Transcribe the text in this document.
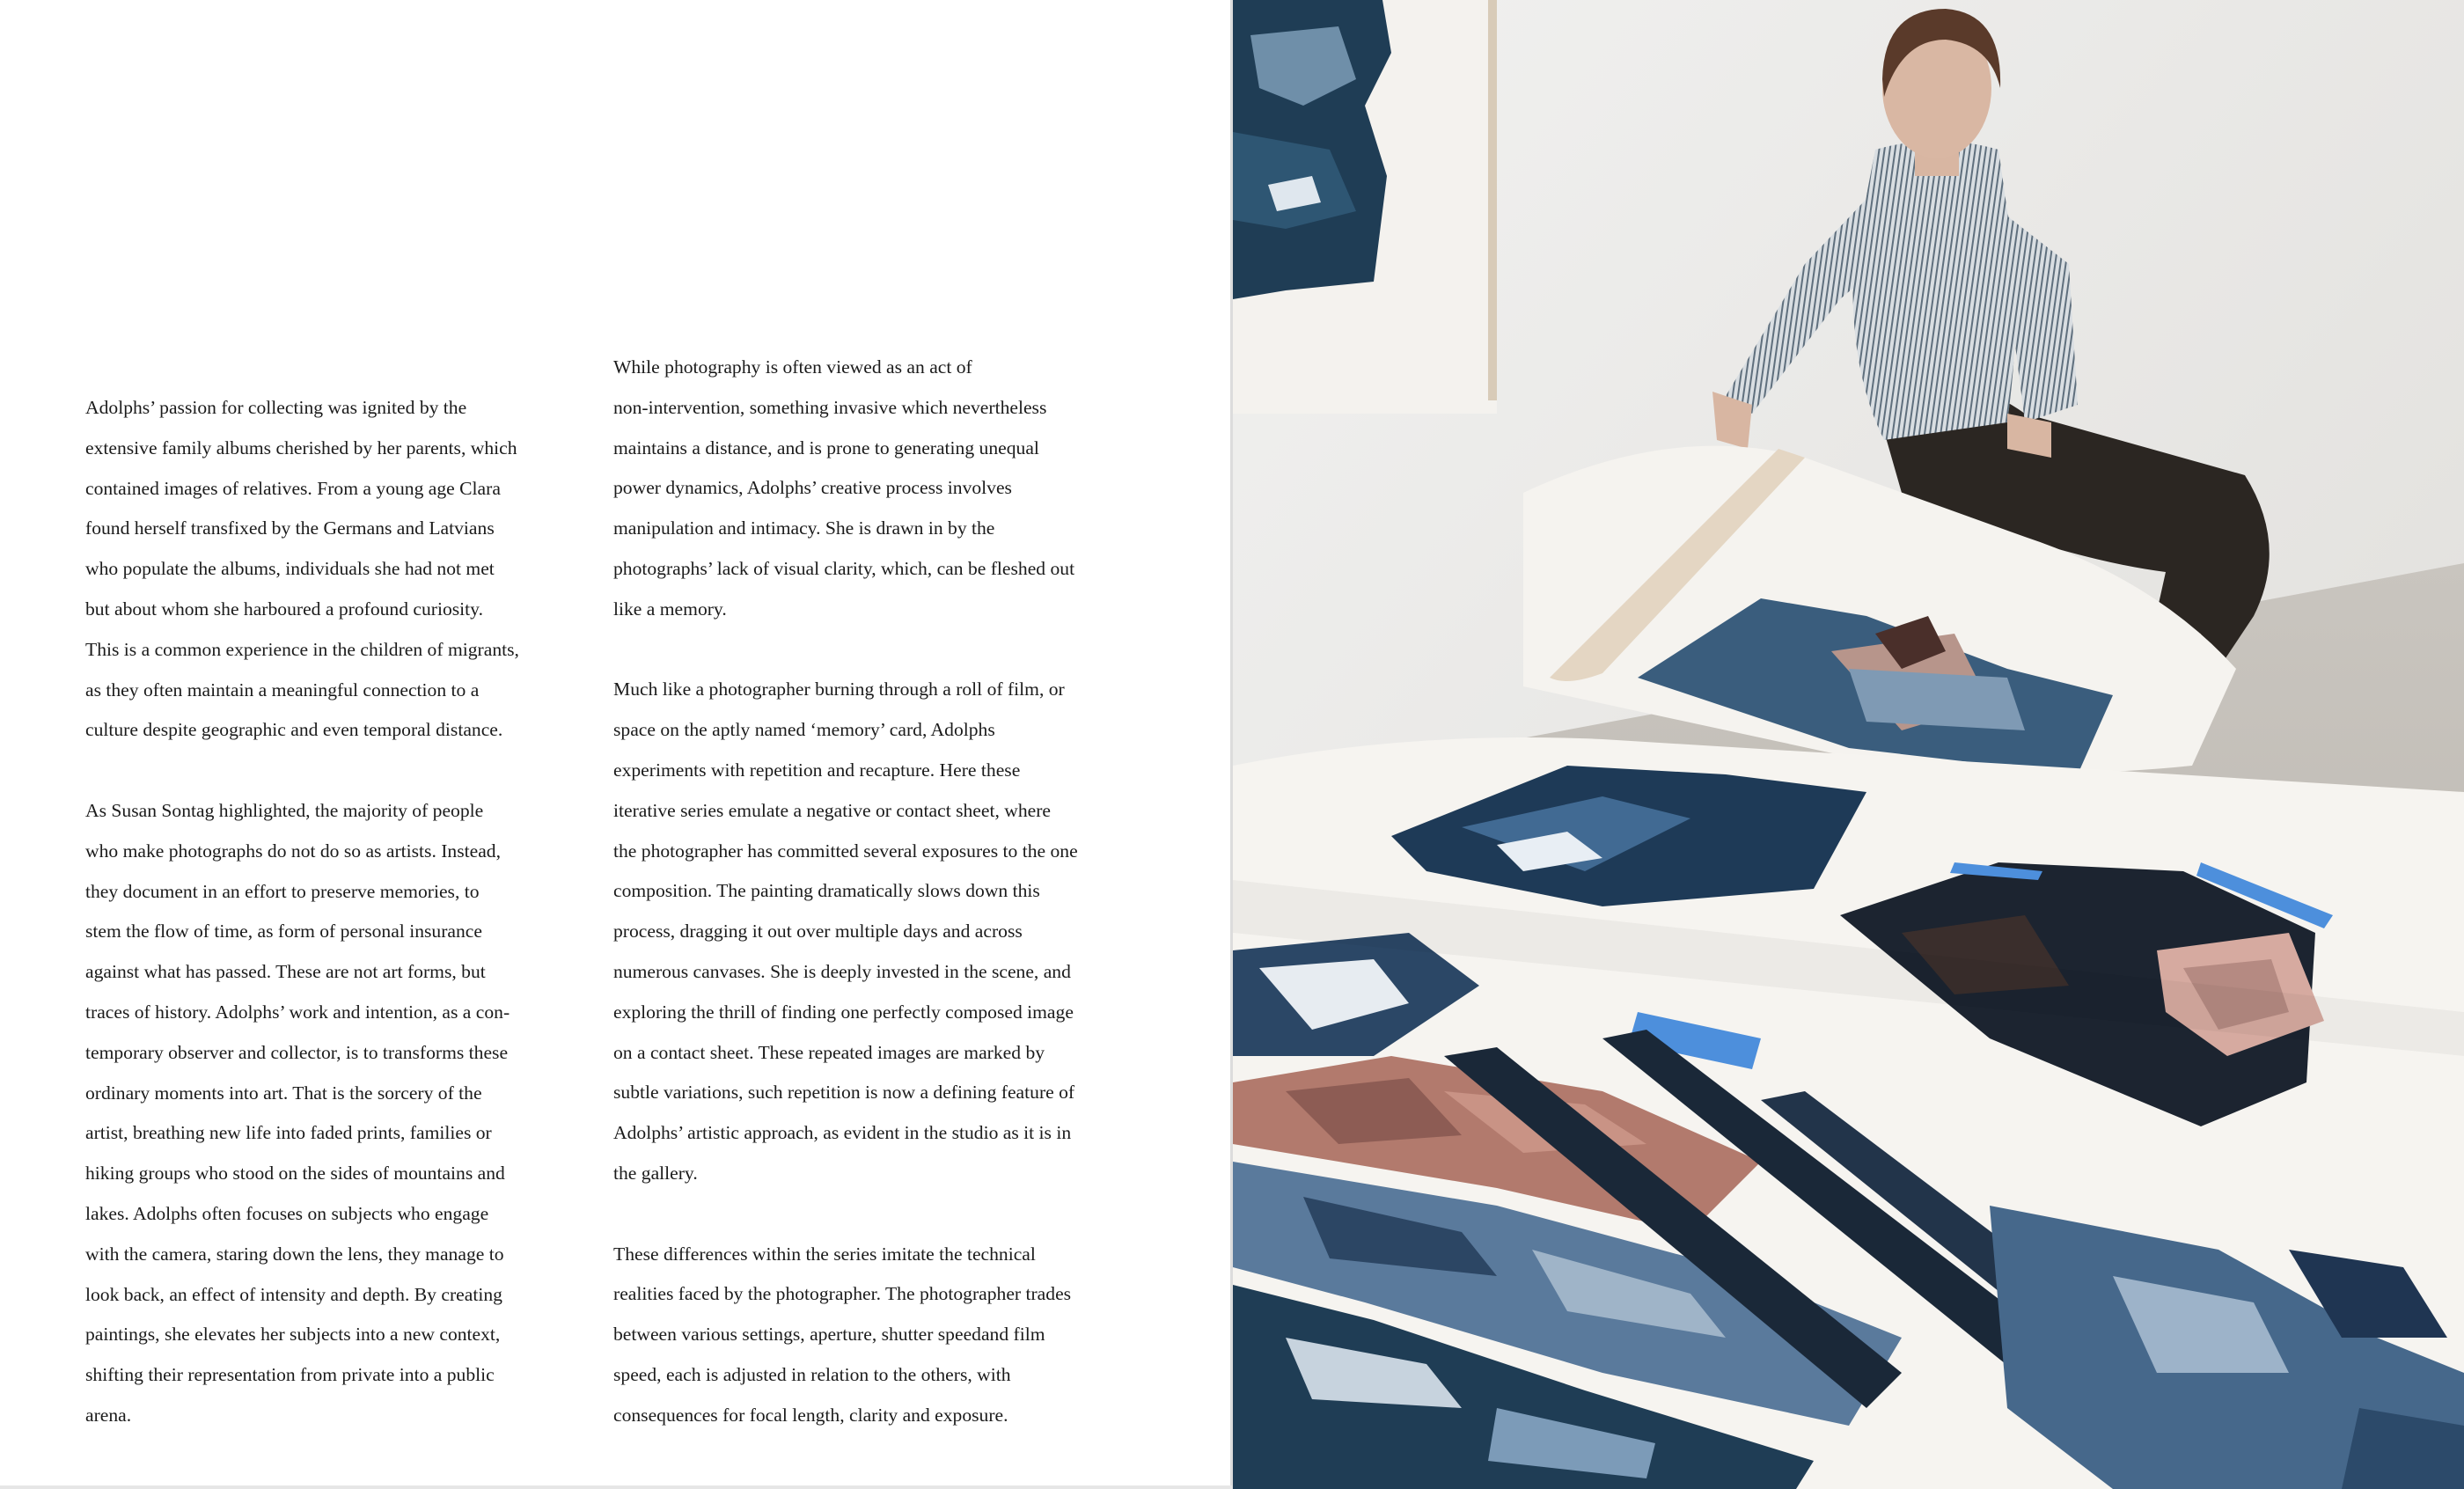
Adolphs’ passion for collecting was ignited by the
extensive family albums cherished by her parents, which
contained images of relatives. From a young age Clara
found herself transfixed by the Germans and Latvians
who populate the albums, individuals she had not met
but about whom she harboured a profound curiosity.
This is a common experience in the children of migrants,
as they often maintain a meaningful connection to a
culture despite geographic and even temporal distance.

As Susan Sontag highlighted, the majority of people
who make photographs do not do so as artists. Instead,
they document in an effort to preserve memories, to
stem the flow of time, as form of personal insurance
against what has passed. These are not art forms, but
traces of history. Adolphs’ work and intention, as a con-
temporary observer and collector, is to transforms these
ordinary moments into art. That is the sorcery of the
artist, breathing new life into faded prints, families or
hiking groups who stood on the sides of mountains and
lakes. Adolphs often focuses on subjects who engage
with the camera, staring down the lens, they manage to
look back, an effect of intensity and depth. By creating
paintings, she elevates her subjects into a new context,
shifting their representation from private into a public
arena.

While photography is often viewed as an act of
non-intervention, something invasive which nevertheless
maintains a distance, and is prone to generating unequal
power dynamics, Adolphs’ creative process involves
manipulation and intimacy. She is drawn in by the
photographs’ lack of visual clarity, which, can be fleshed out
like a memory.

Much like a photographer burning through a roll of film, or
space on the aptly named ‘memory’ card, Adolphs
experiments with repetition and recapture. Here these
iterative series emulate a negative or contact sheet, where
the photographer has committed several exposures to the one
composition. The painting dramatically slows down this
process, dragging it out over multiple days and across
numerous canvases. She is deeply invested in the scene, and
exploring the thrill of finding one perfectly composed image
on a contact sheet. These repeated images are marked by
subtle variations, such repetition is now a defining feature of
Adolphs’ artistic approach, as evident in the studio as it is in
the gallery.

These differences within the series imitate the technical
realities faced by the photographer. The photographer trades
between various settings, aperture, shutter speedand film
speed, each is adjusted in relation to the others, with
consequences for focal length, clarity and exposure.
